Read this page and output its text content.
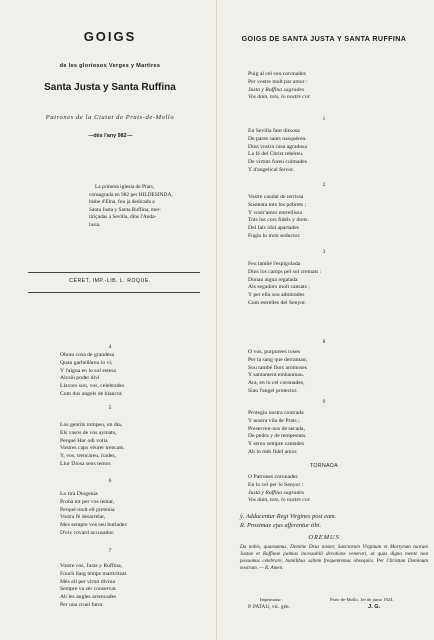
GOIGS
de les gloriosos Verges y Martires
Santa Justa y Santa Ruffina
Patrones de la Ciutat de Prats-de-Mollo
— dés l'any 982 —
La primera iglesia de Prats,
consagrada en 982 per HILDESINDA,
bisbe d'Elna, fou ja dedicada a
Santa Justa y Santa Ruffina, mer-
tiriçadas a Sevilla, dins l'Anda-
lusia.
CÉRET, IMP.-LIB. L. ROQUE.
4
Obrau cosa de grandesa
Quan garbellàreu lo vi;
Y l'aigua en lo sol estesa
Alcsiù poder diví
Llavors sou, vos, celebrades
Com dos angels de blancor.
5
Los gentils rompeu, un dia,
Els vasos de vos aymats,
Perqué Hur odi volia
Vostres caps véurer trencats.
Y, vos, trencàreu, irades,
Llur Diosa sens temor.
6
Lo tirà Diogenia
Probà tot per vos tentar,
Perqué molt ell pretenia
Vostra fé desarrelar,
Mes sempre vos seu burlades
D'eix covard accusador.
7
Vostre cos, Justa y Ruffina,
Fouch llarg temps martiritzat.
Més ell per virtut divina
Sempre va sèr conservat.
Ab les angles arrencades
Per una cruel furor.
GOIGS DE SANTA JUSTA Y SANTA RUFFINA
Puig al cel sou coronades
Per vostre molt par amor :
Justa y Ruffina sagrades
Vos dam, tots, lo nostre cor.
1
En Sevilla fant ditxosa
De pares sants nasquéreu.
Dins vostra casa agradosa
La fé del Christ rebéreu.
De virtuts foreu colmades
Y d'angelical fervor.
2
Vostre caudal de terrissa
Sustenta tots los pobrets ;
Y vostr'amor entrellissa
Tots los cors fidels y drets.
Del fals idol apartades
Fugin lo mon seductor.
3
Feu també l'espigolada
Dins los camps pel sol cremats :
Donau aigua regalada
Als segadors molt cansats ;
Y per ella sou admirades
Com estrelles del Senyor.
8
O vos, purpurees roses
Per la sang que derramau;
Sou també flors aromoses
Y santament embaumau.
Ara, en lo cel coronades,
Siau l'angel protector.
9
Protegiu nostra contrada
Y nostra vila de Prats ;
Preserven-nos de secada,
De pedra y de tempestats.
Y sereu sempre cantades
Ab lo més fidel amor.
TORNADA
O Patrones coronades
En lo cel per lo Senyor :
Justa y Ruffina sagrades
Vos dam, tots, lo nostre cor.
ỳ. Adducentur Regi Virgines post eam.
R. Proximae ejus afferentur tibi.
OREMUS
Da nobis, quaesumus, Domine Deus noster, Sanctarum Virginum et Martyrum tuarum Justae et Ruffinae palmas incessabili devotione venerari, ut quas digna mente non possumus celebrare, humilibus saltem frequentemus obsequiis. Per Christum Dominum nostrum. — R. Amen.
Imprimatur :
P. PATAU, vic. gén.
Prats-de-Mollo, 1er de junio 1924.
J. G.
